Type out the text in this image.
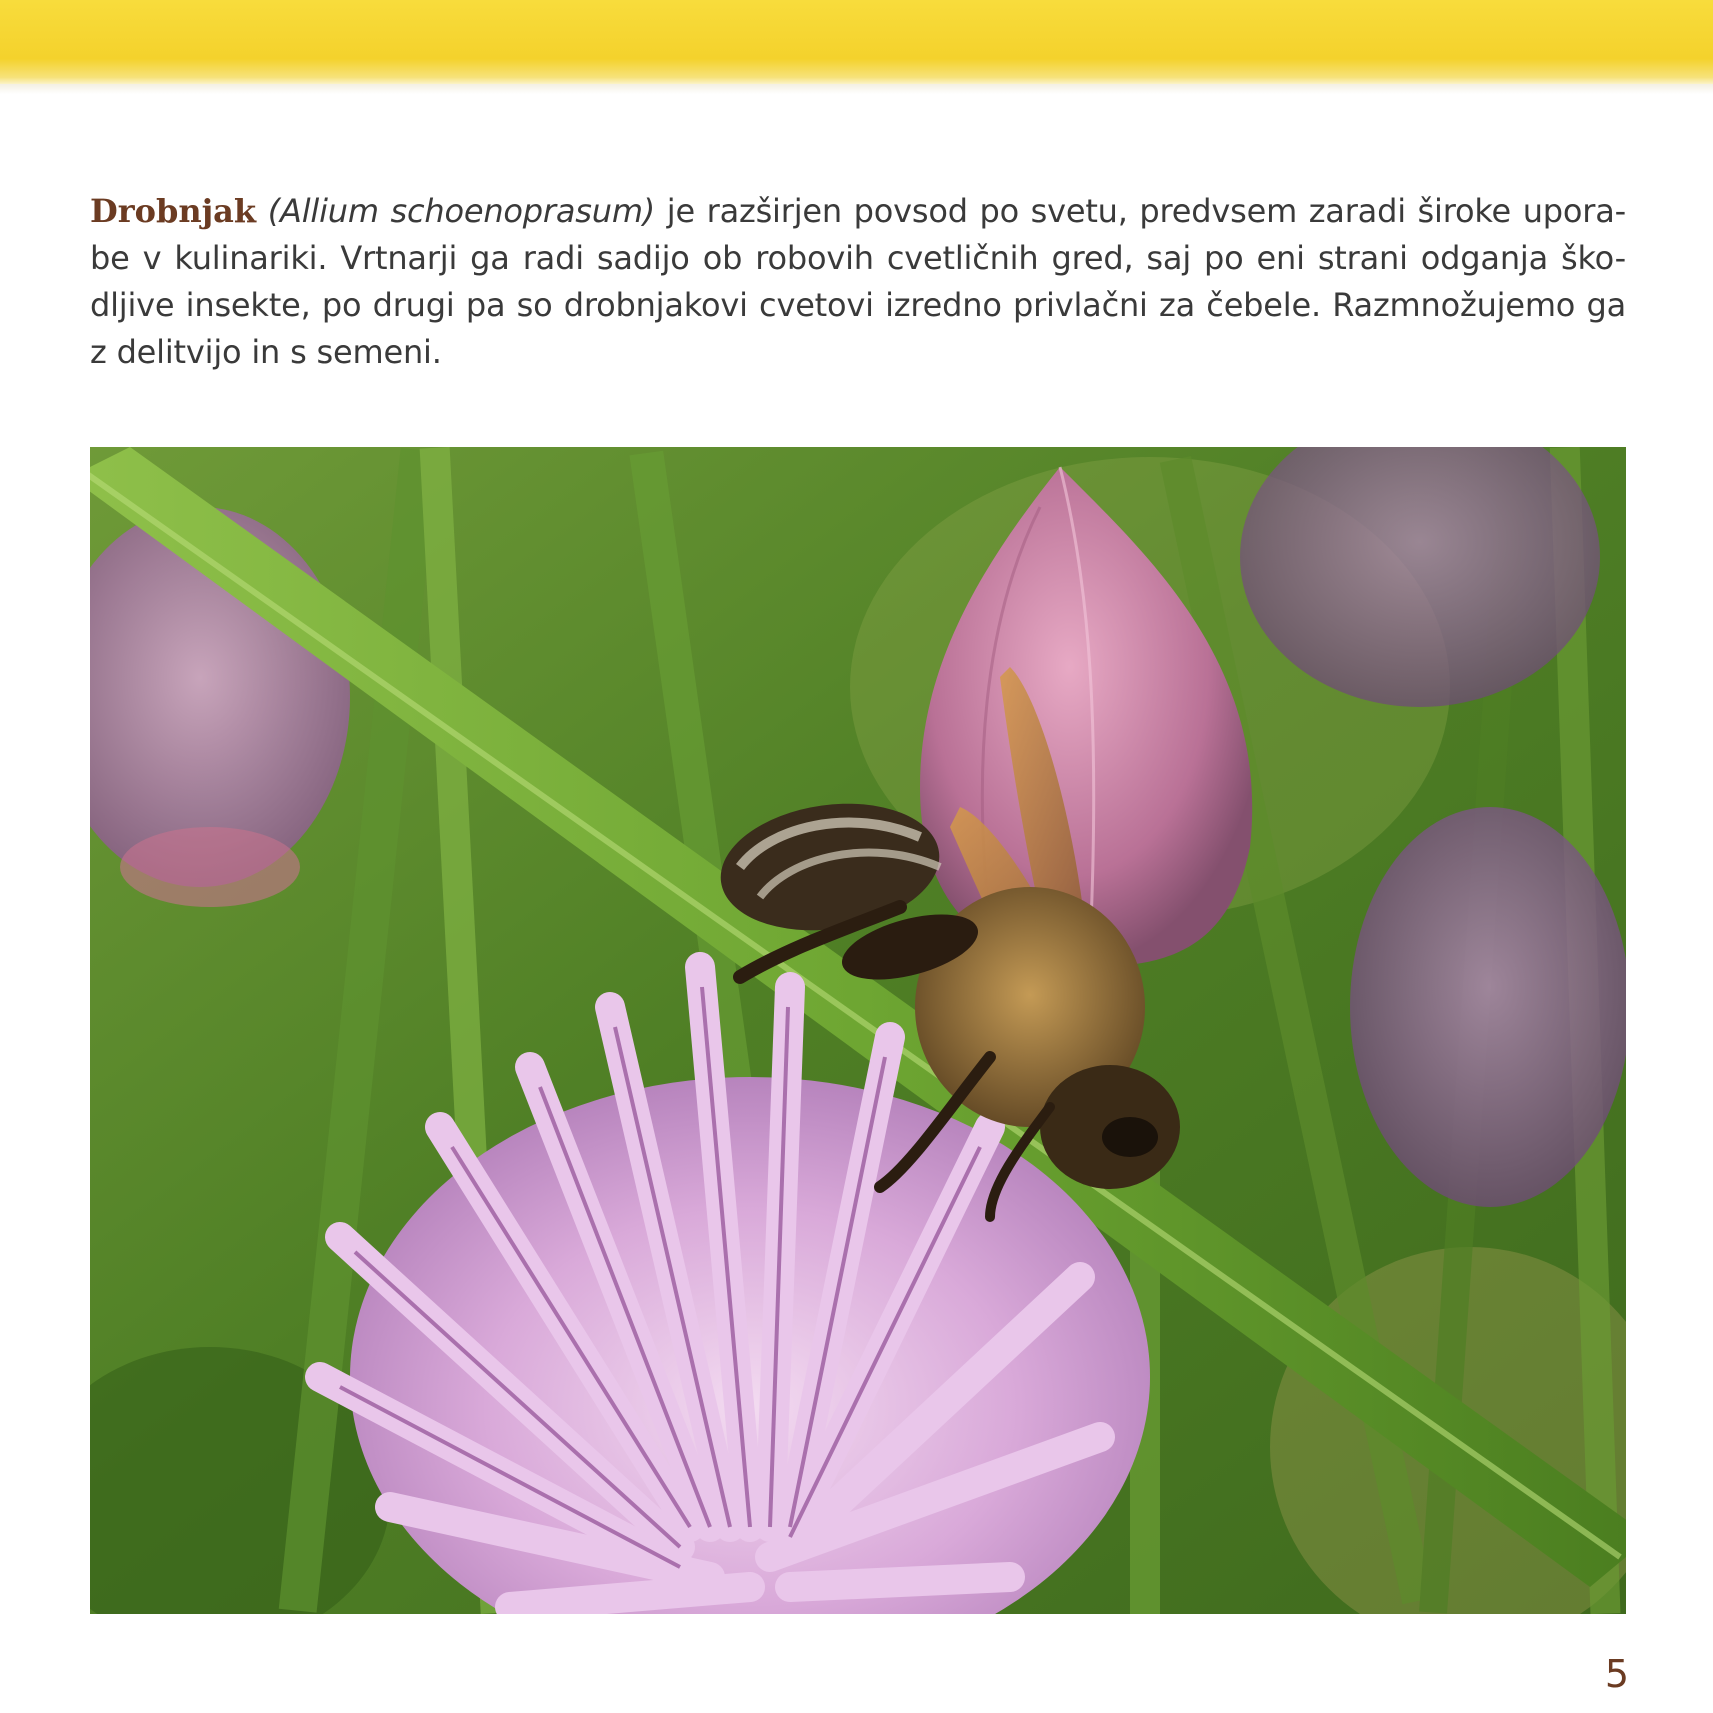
Drobnjak (Allium schoenoprasum) je razširjen povsod po svetu, predvsem zaradi široke upora-be v kulinariki. Vrtnarji ga radi sadijo ob robovih cvetličnih gred, saj po eni strani odganja ško-dljive insekte, po drugi pa so drobnjakovi cvetovi izredno privlačni za čebele. Razmnožujemo ga z delitvijo in s semeni.

5
